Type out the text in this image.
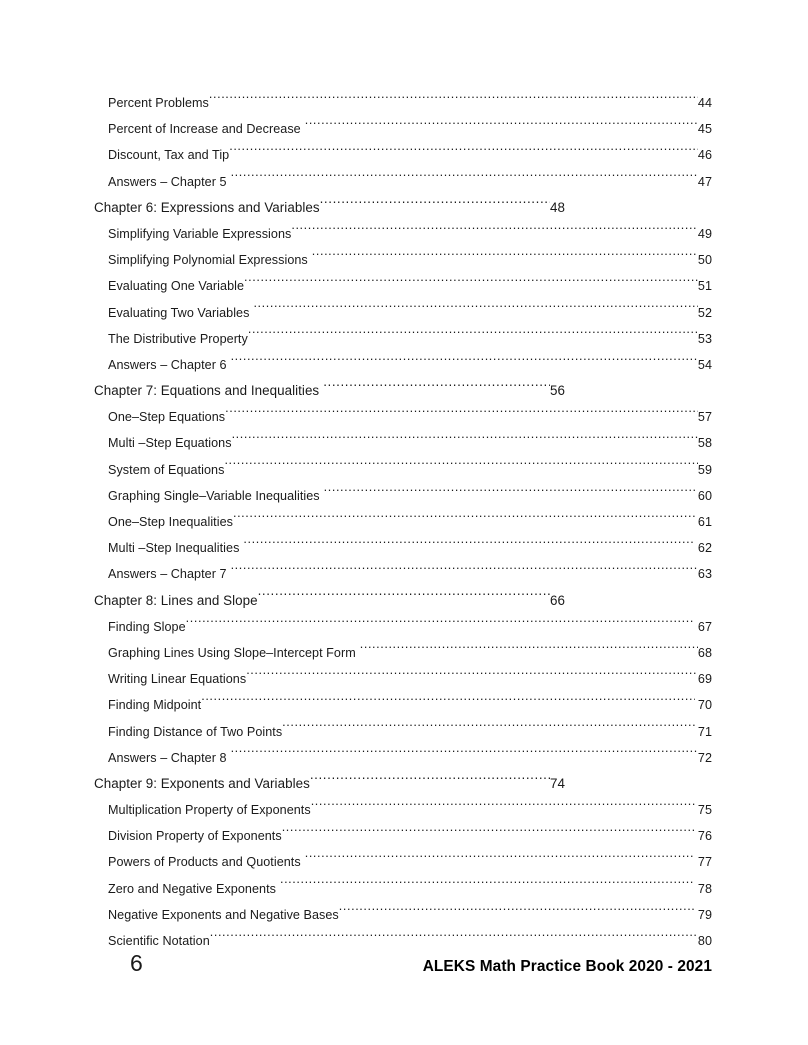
Percent Problems .....	44
Percent of Increase and Decrease .....	45
Discount, Tax and Tip .....	46
Answers – Chapter 5 .....	47
Chapter 6: Expressions and Variables .....	48
Simplifying Variable Expressions .....	49
Simplifying Polynomial Expressions .....	50
Evaluating One Variable .....	51
Evaluating Two Variables .....	52
The Distributive Property .....	53
Answers – Chapter 6 .....	54
Chapter 7: Equations and Inequalities .....	56
One–Step Equations .....	57
Multi –Step Equations .....	58
System of Equations .....	59
Graphing Single–Variable Inequalities .....	60
One–Step Inequalities .....	61
Multi –Step Inequalities .....	62
Answers – Chapter 7 .....	63
Chapter 8: Lines and Slope .....	66
Finding Slope .....	67
Graphing Lines Using Slope–Intercept Form .....	68
Writing Linear Equations .....	69
Finding Midpoint .....	70
Finding Distance of Two Points .....	71
Answers – Chapter 8 .....	72
Chapter 9: Exponents and Variables .....	74
Multiplication Property of Exponents .....	75
Division Property of Exponents .....	76
Powers of Products and Quotients .....	77
Zero and Negative Exponents .....	78
Negative Exponents and Negative Bases .....	79
Scientific Notation .....	80
6	ALEKS Math Practice Book 2020 - 2021
